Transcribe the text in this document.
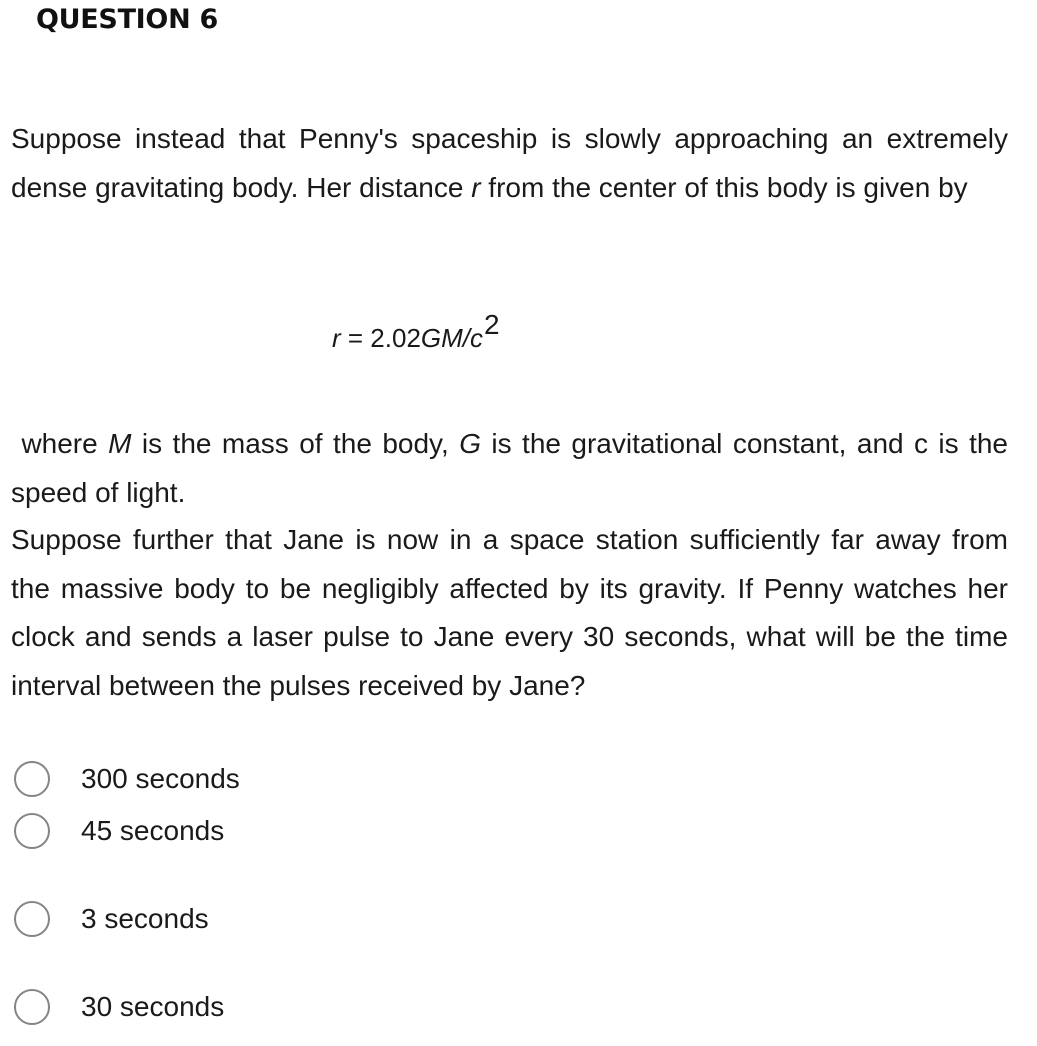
QUESTION 6
Suppose instead that Penny's spaceship is slowly approaching an extremely dense gravitating body. Her distance r from the center of this body is given by
r = 2.02GM/c2
where M is the mass of the body, G is the gravitational constant, and c is the speed of light.
Suppose further that Jane is now in a space station sufficiently far away from the massive body to be negligibly affected by its gravity. If Penny watches her clock and sends a laser pulse to Jane every 30 seconds, what will be the time interval between the pulses received by Jane?
300 seconds
45 seconds
3 seconds
30 seconds
